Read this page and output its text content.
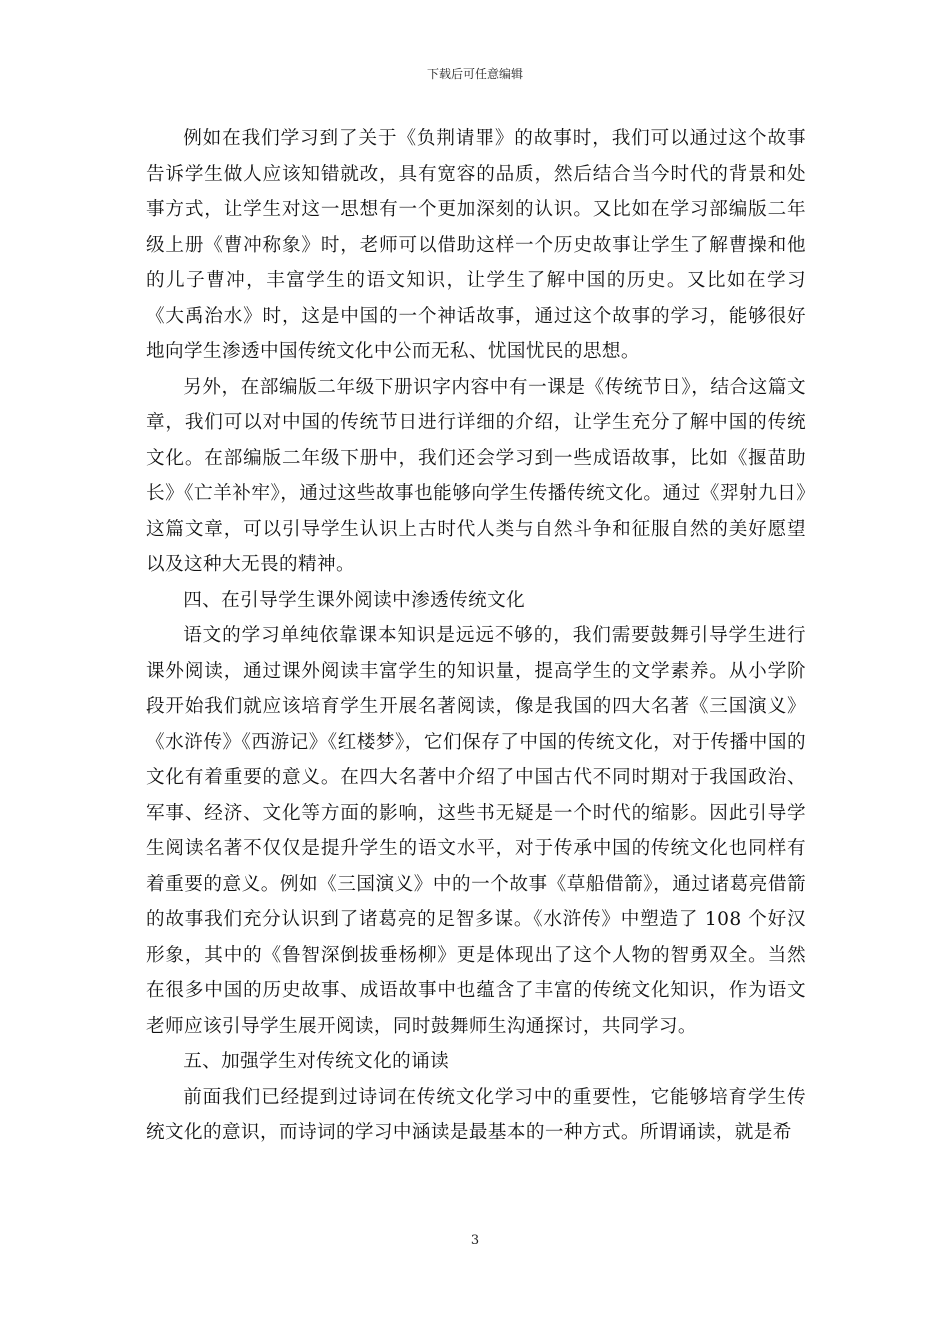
下载后可任意编辑

例如在我们学习到了关于《负荆请罪》的故事时，我们可以通过这个故事告诉学生做人应该知错就改，具有宽容的品质，然后结合当今时代的背景和处事方式，让学生对这一思想有一个更加深刻的认识。又比如在学习部编版二年级上册《曹冲称象》时，老师可以借助这样一个历史故事让学生了解曹操和他的儿子曹冲，丰富学生的语文知识，让学生了解中国的历史。又比如在学习《大禹治水》时，这是中国的一个神话故事，通过这个故事的学习，能够很好地向学生渗透中国传统文化中公而无私、忧国忧民的思想。

另外，在部编版二年级下册识字内容中有一课是《传统节日》，结合这篇文章，我们可以对中国的传统节日进行详细的介绍，让学生充分了解中国的传统文化。在部编版二年级下册中，我们还会学习到一些成语故事，比如《揠苗助长》《亡羊补牢》，通过这些故事也能够向学生传播传统文化。通过《羿射九日》这篇文章，可以引导学生认识上古时代人类与自然斗争和征服自然的美好愿望以及这种大无畏的精神。

四、在引导学生课外阅读中渗透传统文化

语文的学习单纯依靠课本知识是远远不够的，我们需要鼓舞引导学生进行课外阅读，通过课外阅读丰富学生的知识量，提高学生的文学素养。从小学阶段开始我们就应该培育学生开展名著阅读，像是我国的四大名著《三国演义》《水浒传》《西游记》《红楼梦》，它们保存了中国的传统文化，对于传播中国的文化有着重要的意义。在四大名著中介绍了中国古代不同时期对于我国政治、军事、经济、文化等方面的影响，这些书无疑是一个时代的缩影。因此引导学生阅读名著不仅仅是提升学生的语文水平，对于传承中国的传统文化也同样有着重要的意义。例如《三国演义》中的一个故事《草船借箭》，通过诸葛亮借箭的故事我们充分认识到了诸葛亮的足智多谋。《水浒传》中塑造了 108 个好汉形象，其中的《鲁智深倒拔垂杨柳》更是体现出了这个人物的智勇双全。当然在很多中国的历史故事、成语故事中也蕴含了丰富的传统文化知识，作为语文老师应该引导学生展开阅读，同时鼓舞师生沟通探讨，共同学习。

五、加强学生对传统文化的诵读

前面我们已经提到过诗词在传统文化学习中的重要性，它能够培育学生传统文化的意识，而诗词的学习中涵读是最基本的一种方式。所谓诵读，就是希

3
